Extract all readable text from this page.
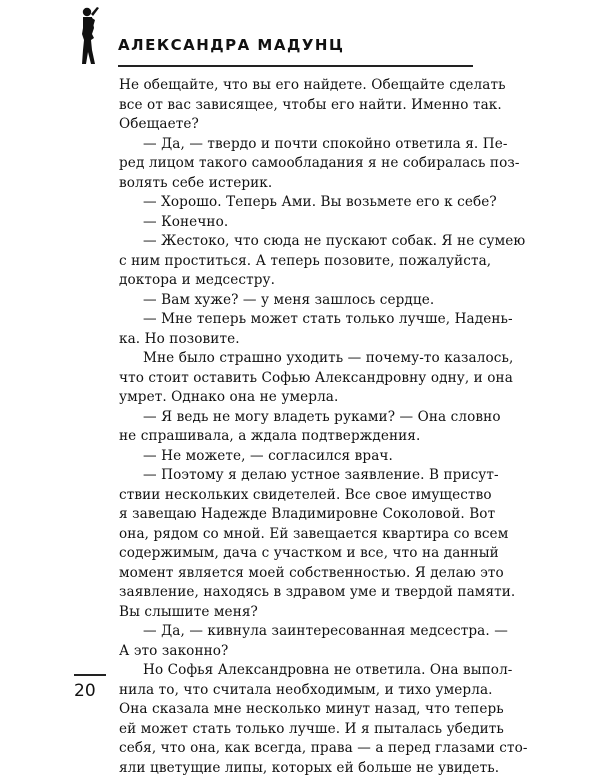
АЛЕКСАНДРА МАДУНЦ
Не обещайте, что вы его найдете. Обещайте сделать
все от вас зависящее, чтобы его найти. Именно так.
Обещаете?
— Да, — твердо и почти спокойно ответила я. Пе-
ред лицом такого самообладания я не собиралась поз-
волять себе истерик.
— Хорошо. Теперь Ами. Вы возьмете его к себе?
— Конечно.
— Жестоко, что сюда не пускают собак. Я не сумею
с ним проститься. А теперь позовите, пожалуйста,
доктора и медсестру.
— Вам хуже? — у меня зашлось сердце.
— Мне теперь может стать только лучше, Надень-
ка. Но позовите.
Мне было страшно уходить — почему-то казалось,
что стоит оставить Софью Александровну одну, и она
умрет. Однако она не умерла.
— Я ведь не могу владеть руками? — Она словно
не спрашивала, а ждала подтверждения.
— Не можете, — согласился врач.
— Поэтому я делаю устное заявление. В присут-
ствии нескольких свидетелей. Все свое имущество
я завещаю Надежде Владимировне Соколовой. Вот
она, рядом со мной. Ей завещается квартира со всем
содержимым, дача с участком и все, что на данный
момент является моей собственностью. Я делаю это
заявление, находясь в здравом уме и твердой памяти.
Вы слышите меня?
— Да, — кивнула заинтересованная медсестра. —
А это законно?
Но Софья Александровна не ответила. Она выпол-
нила то, что считала необходимым, и тихо умерла.
Она сказала мне несколько минут назад, что теперь
ей может стать только лучше. И я пыталась убедить
себя, что она, как всегда, права — а перед глазами сто-
яли цветущие липы, которых ей больше не увидеть.
20
